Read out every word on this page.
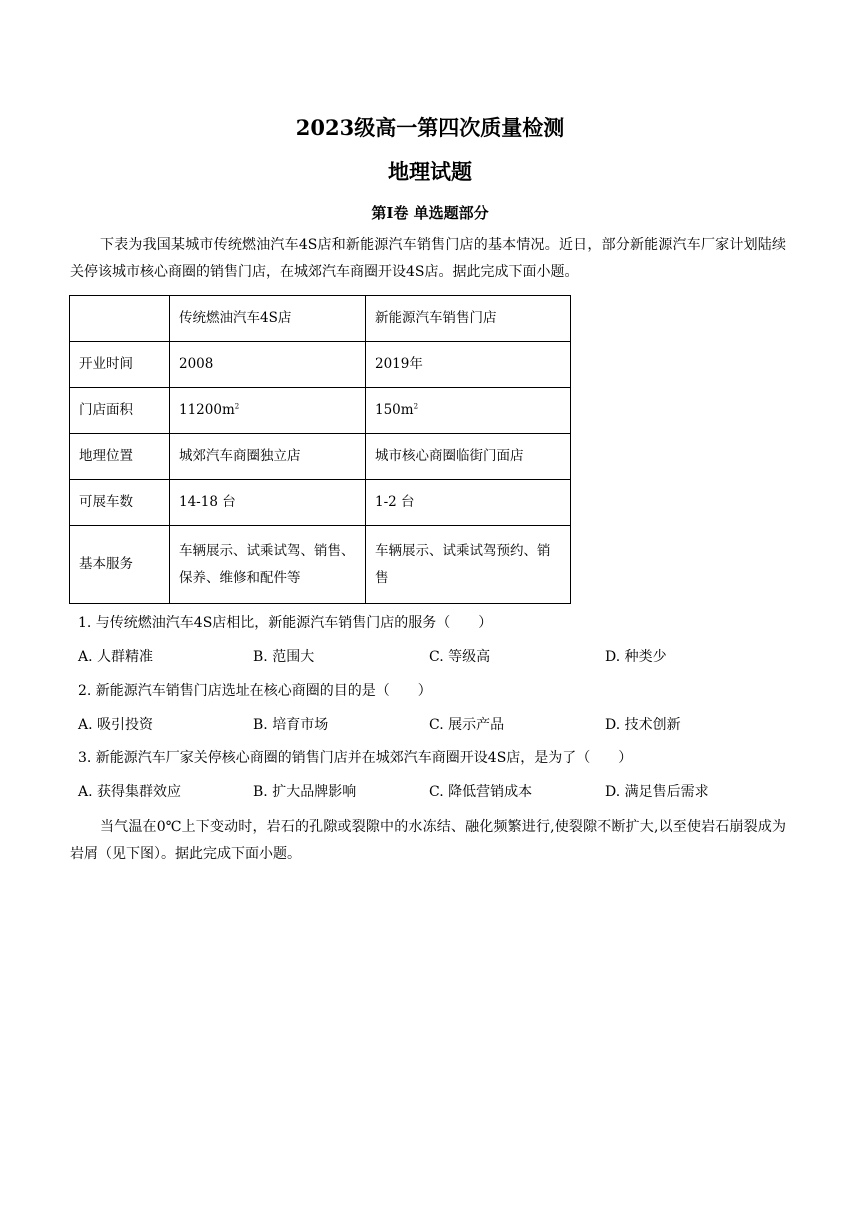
2023级高一第四次质量检测
地理试题
第Ⅰ卷 单选题部分

下表为我国某城市传统燃油汽车4S店和新能源汽车销售门店的基本情况。近日，部分新能源汽车厂家计划陆续关停该城市核心商圈的销售门店，在城郊汽车商圈开设4S店。据此完成下面小题。

	传统燃油汽车4S店	新能源汽车销售门店
开业时间	2008	2019年
门店面积	$11200m^2$	$150m^2$
地理位置	城郊汽车商圈独立店	城市核心商圈临街门面店
可展车数	14-18 台	1-2 台
基本服务	车辆展示、试乘试驾、销售、保养、维修和配件等	车辆展示、试乘试驾预约、销售

1. 与传统燃油汽车4S店相比，新能源汽车销售门店的服务（　　）

A. 人群精准	B. 范围大	C. 等级高	D. 种类少

2. 新能源汽车销售门店选址在核心商圈的目的是（　　）

A. 吸引投资	B. 培育市场	C. 展示产品	D. 技术创新

3. 新能源汽车厂家关停核心商圈的销售门店并在城郊汽车商圈开设4S店，是为了（　　）

A. 获得集群效应	B. 扩大品牌影响	C. 降低营销成本	D. 满足售后需求

当气温在0℃上下变动时，岩石的孔隙或裂隙中的水冻结、融化频繁进行,使裂隙不断扩大,以至使岩石崩裂成为岩屑（见下图）。据此完成下面小题。
